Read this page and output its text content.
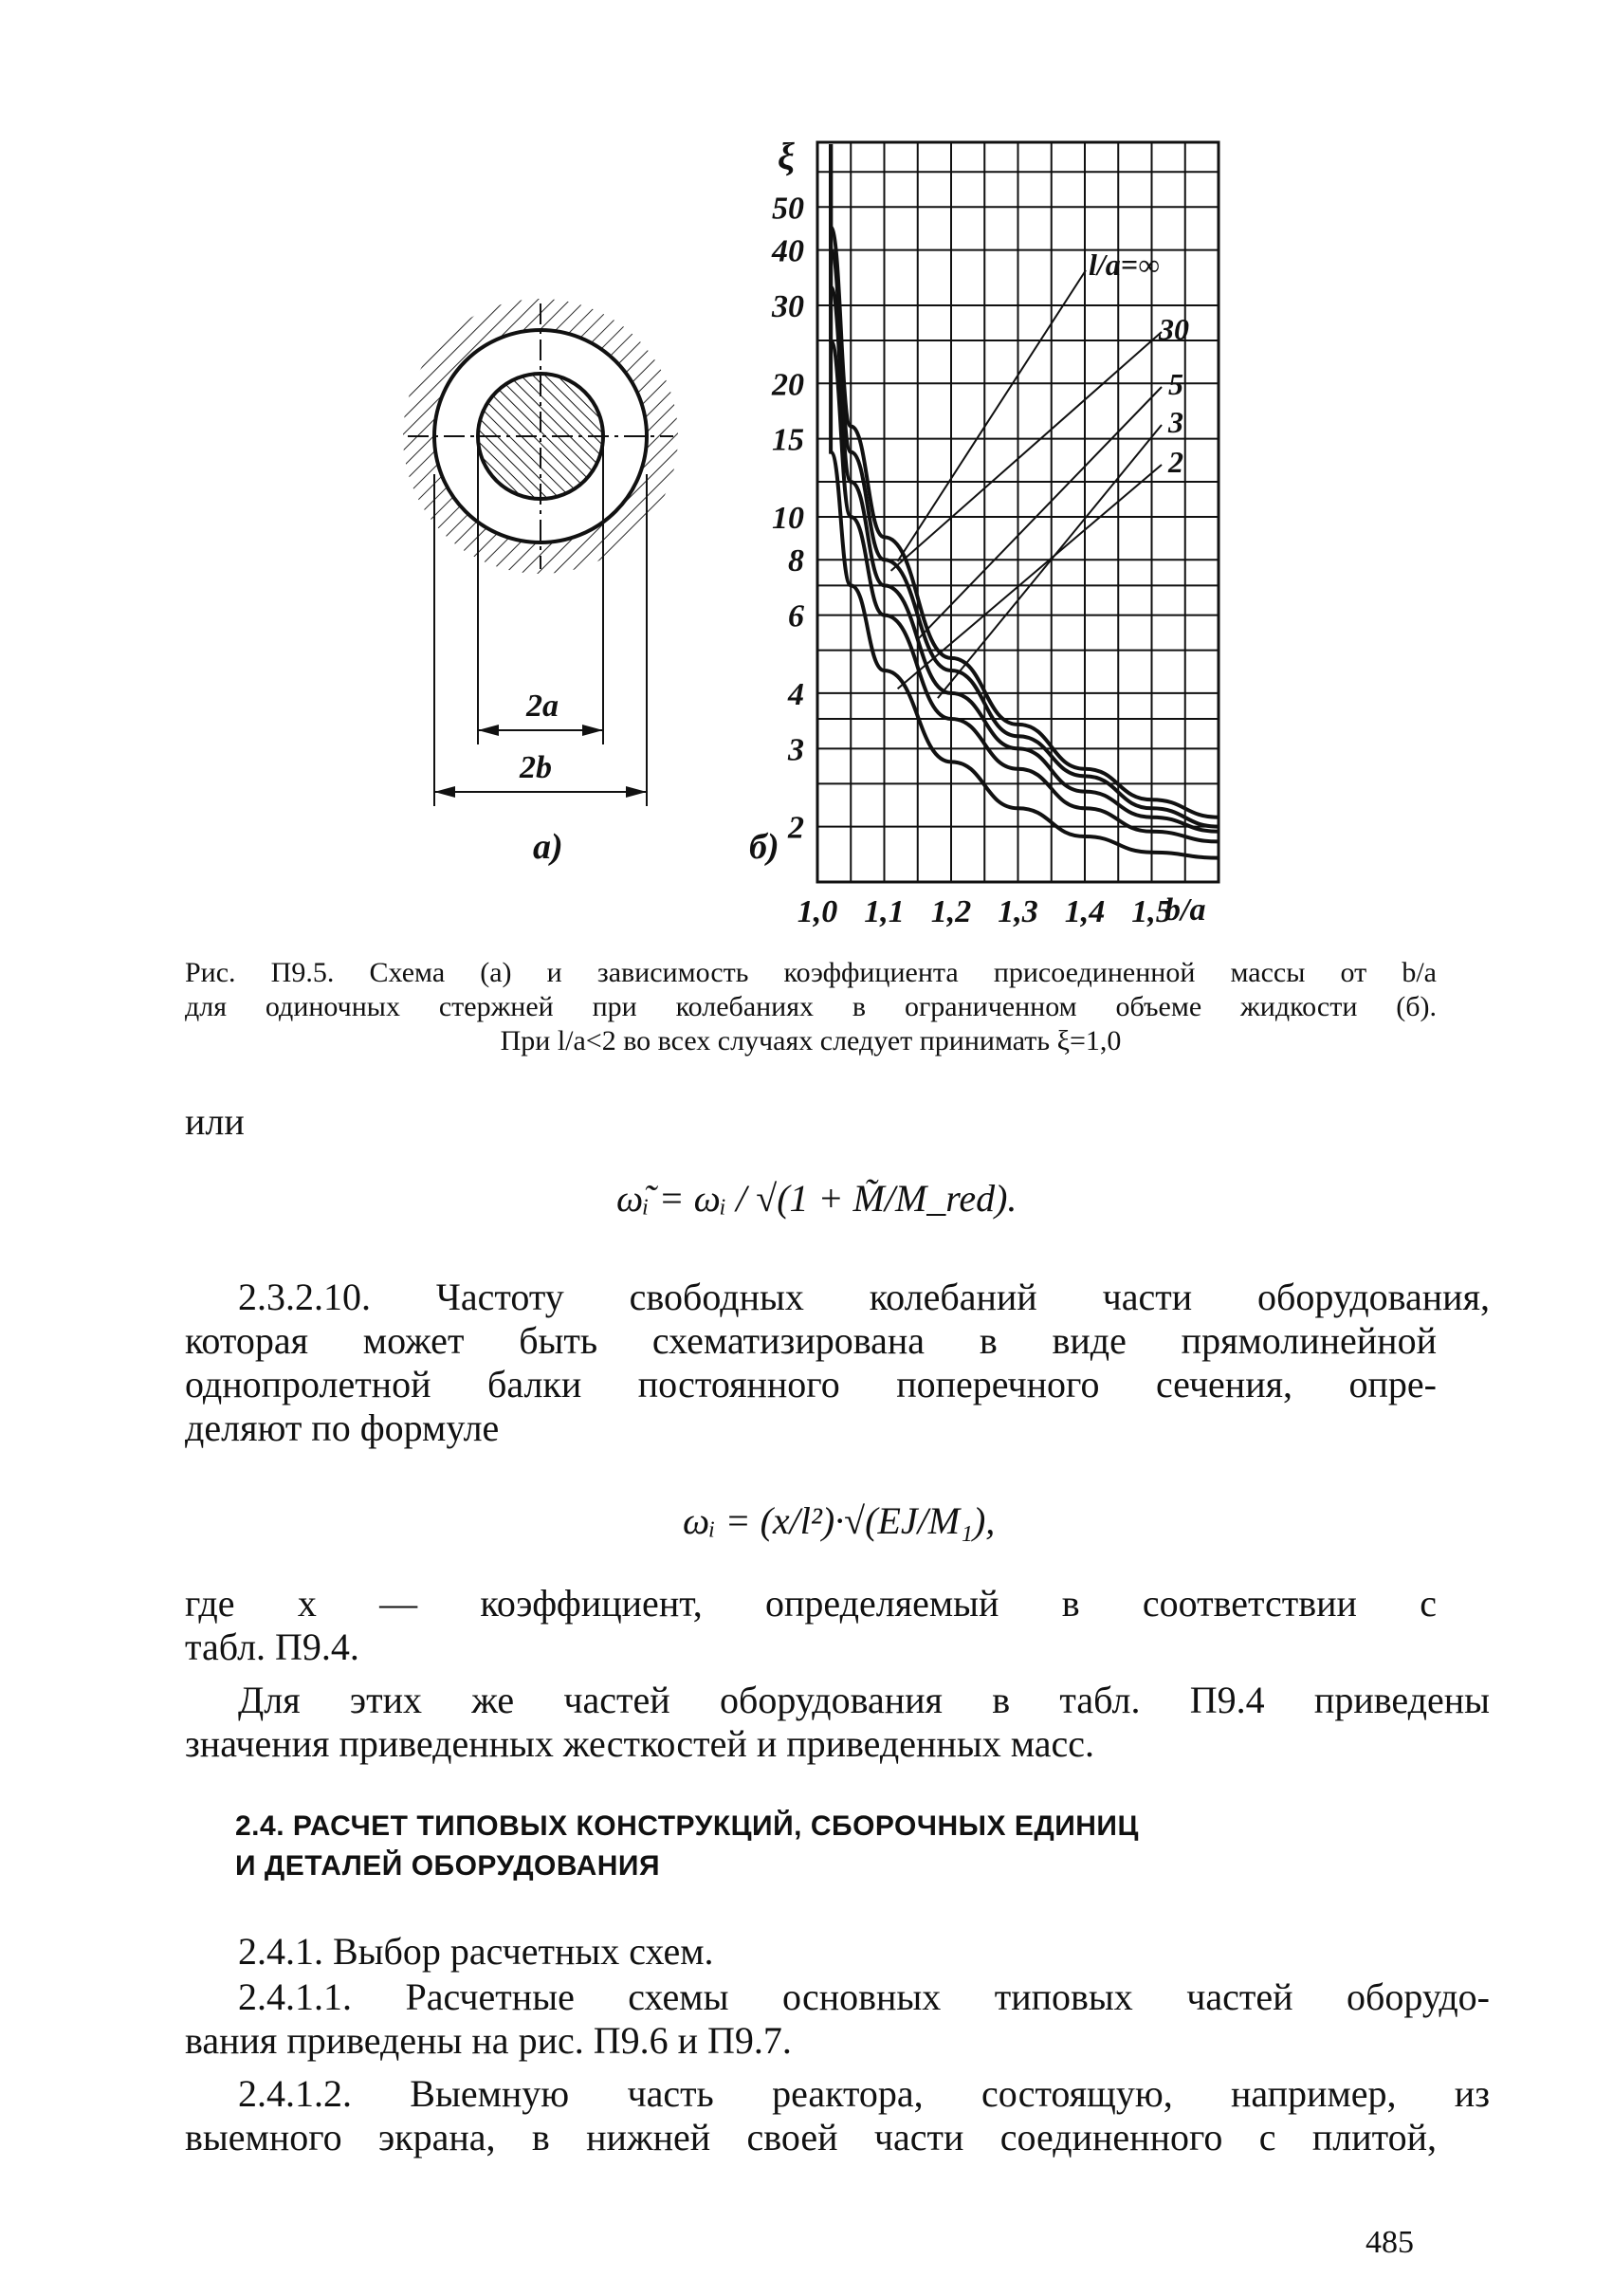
2a
2b
а)
50
40
30
20
15
10
8
6
4
3
2
1,0 1,1 1,2 1,3 1,4 1,5
l/a=∞
30
5
3
2
ξ
б)
b/a
Рис. П9.5. Схема (а) и зависимость коэффициента присоединенной массы от b/a
для одиночных стержней при колебаниях в ограниченном объеме жидкости (б).
При l/a<2 во всех случаях следует принимать ξ=1,0
или
ω̃ᵢ = ωᵢ / √(1 + M̃/M_red).
2.3.2.10. Частоту свободных колебаний части оборудования,
которая может быть схематизирована в виде прямолинейной
однопролетной балки постоянного поперечного сечения, опре-
деляют по формуле
ωᵢ = (x/l²)·√(EJ/M₁),
где x — коэффициент, определяемый в соответствии с
табл. П9.4.
Для этих же частей оборудования в табл. П9.4 приведены
значения приведенных жесткостей и приведенных масс.
2.4. РАСЧЕТ ТИПОВЫХ КОНСТРУКЦИЙ, СБОРОЧНЫХ ЕДИНИЦ
И ДЕТАЛЕЙ ОБОРУДОВАНИЯ
2.4.1. Выбор расчетных схем.
2.4.1.1. Расчетные схемы основных типовых частей оборудо-
вания приведены на рис. П9.6 и П9.7.
2.4.1.2. Выемную часть реактора, состоящую, например, из
выемного экрана, в нижней своей части соединенного с плитой,
485
